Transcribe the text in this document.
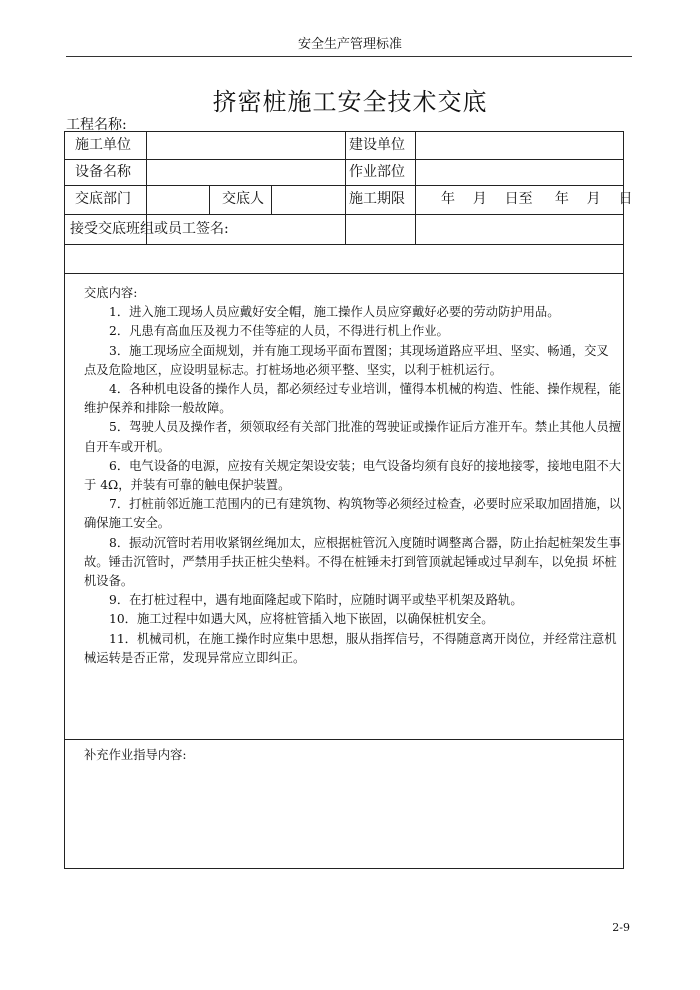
安全生产管理标准
挤密桩施工安全技术交底
工程名称:
施工单位	建设单位
设备名称	作业部位
交底部门	交底人	施工期限	年    月    日至     年    月    日
接受交底班组或员工签名:

交底内容:

1．进入施工现场人员应戴好安全帽，施工操作人员应穿戴好必要的劳动防护用品。

2．凡患有高血压及视力不佳等症的人员，不得进行机上作业。

3．施工现场应全面规划，并有施工现场平面布置图；其现场道路应平坦、坚实、畅通，交叉 点及危险地区，应设明显标志。打桩场地必须平整、坚实，以利于桩机运行。

4．各种机电设备的操作人员，都必须经过专业培训，懂得本机械的构造、性能、操作规程，能维护保养和排除一般故障。

5．驾驶人员及操作者，须领取经有关部门批准的驾驶证或操作证后方准开车。禁止其他人员擅自开车或开机。

6．电气设备的电源，应按有关规定架设安装；电气设备均须有良好的接地接零，接地电阻不大于 4Ω，并装有可靠的触电保护装置。

7．打桩前邻近施工范围内的已有建筑物、构筑物等必须经过检查，必要时应采取加固措施，以确保施工安全。

8．振动沉管时若用收紧钢丝绳加太，应根据桩管沉入度随时调整离合器，防止抬起桩架发生事故。锤击沉管时，严禁用手扶正桩尖垫料。不得在桩锤未打到管顶就起锤或过早刹车，以免损 坏桩机设备。

9．在打桩过程中，遇有地面隆起或下陷时，应随时调平或垫平机架及路轨。

10．施工过程中如遇大风，应将桩管插入地下嵌固，以确保桩机安全。

11．机械司机，在施工操作时应集中思想，服从指挥信号，不得随意离开岗位，并经常注意机械运转是否正常，发现异常应立即纠正。

补充作业指导内容:
2-9
